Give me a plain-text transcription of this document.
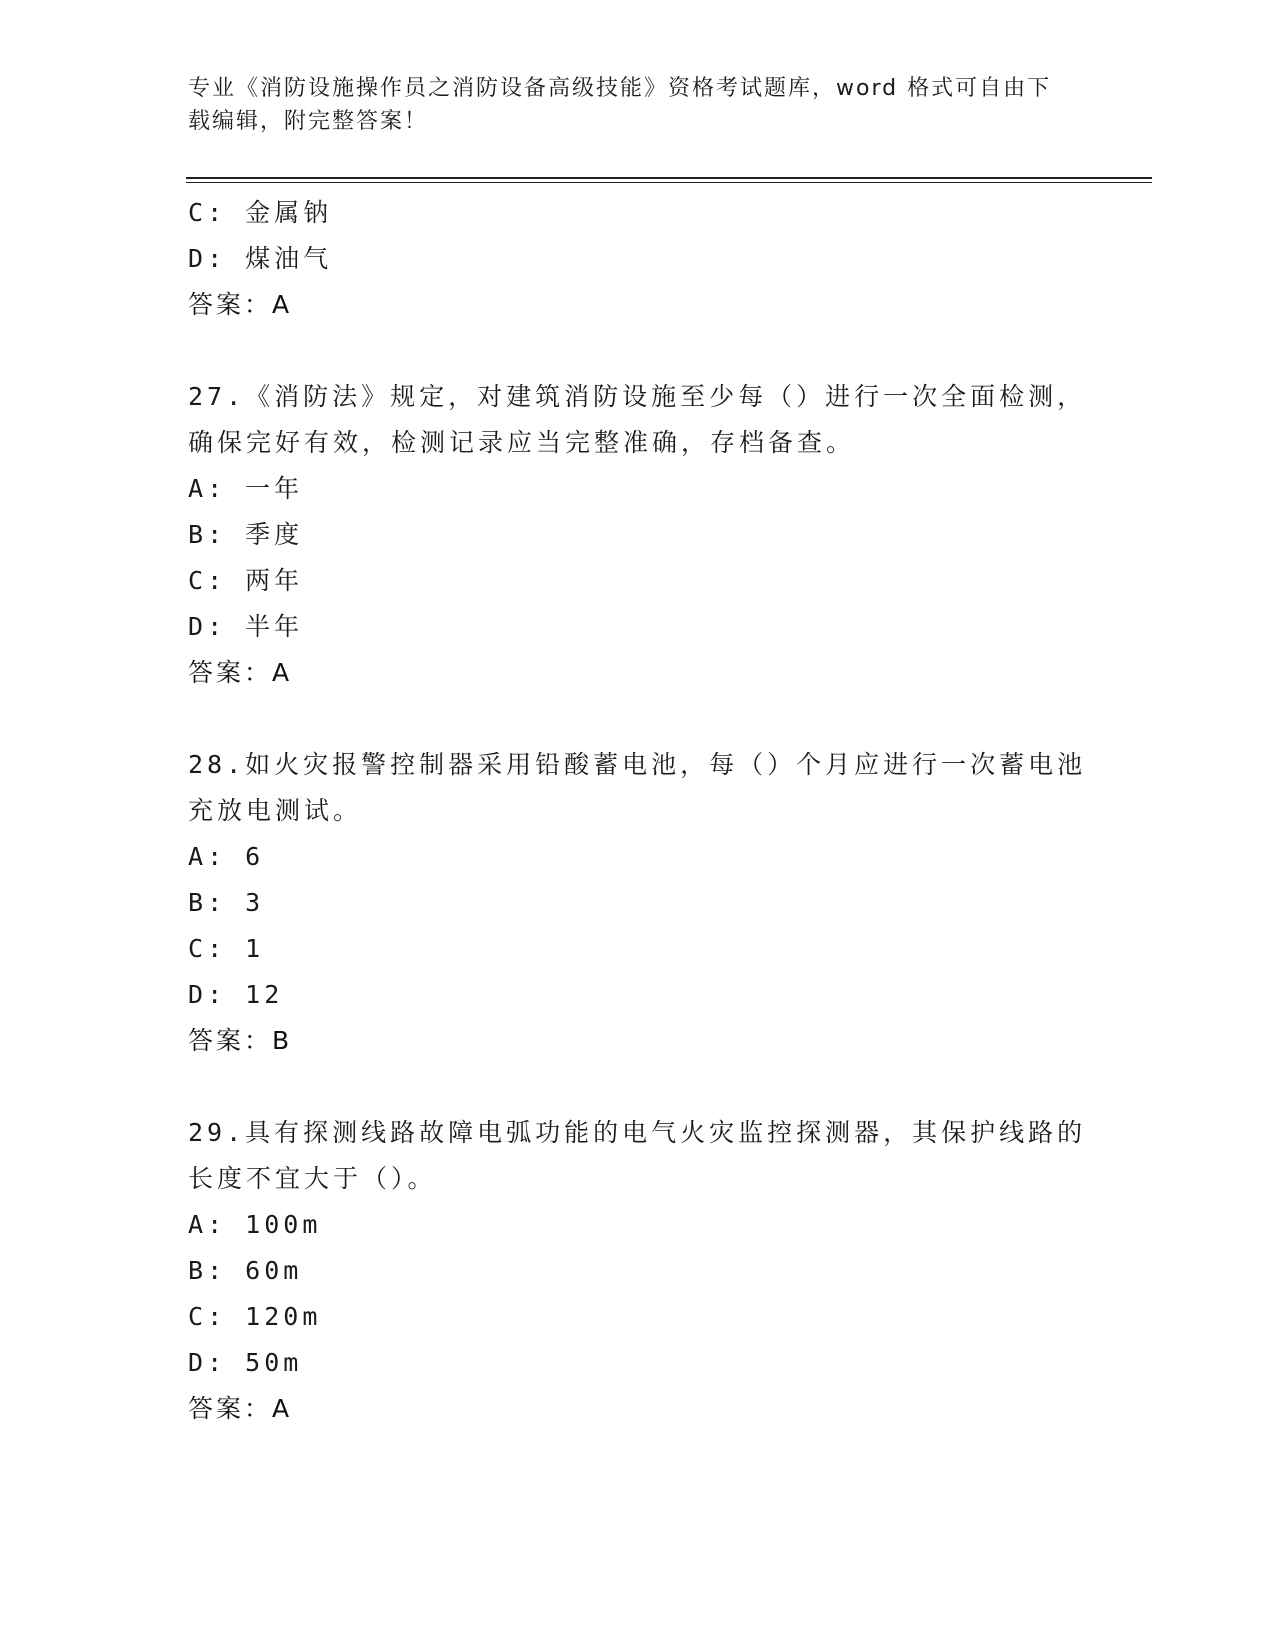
专业《消防设施操作员之消防设备高级技能》资格考试题库，word 格式可自由下
载编辑，附完整答案！
C: 金属钠
D: 煤油气
答案：A
27.《消防法》规定，对建筑消防设施至少每（）进行一次全面检测，
确保完好有效，检测记录应当完整准确，存档备查。
A: 一年
B: 季度
C: 两年
D: 半年
答案：A
28.如火灾报警控制器采用铅酸蓄电池，每（）个月应进行一次蓄电池
充放电测试。
A: 6
B: 3
C: 1
D: 12
答案：B
29.具有探测线路故障电弧功能的电气火灾监控探测器，其保护线路的
长度不宜大于（）。
A: 100m
B: 60m
C: 120m
D: 50m
答案：A
